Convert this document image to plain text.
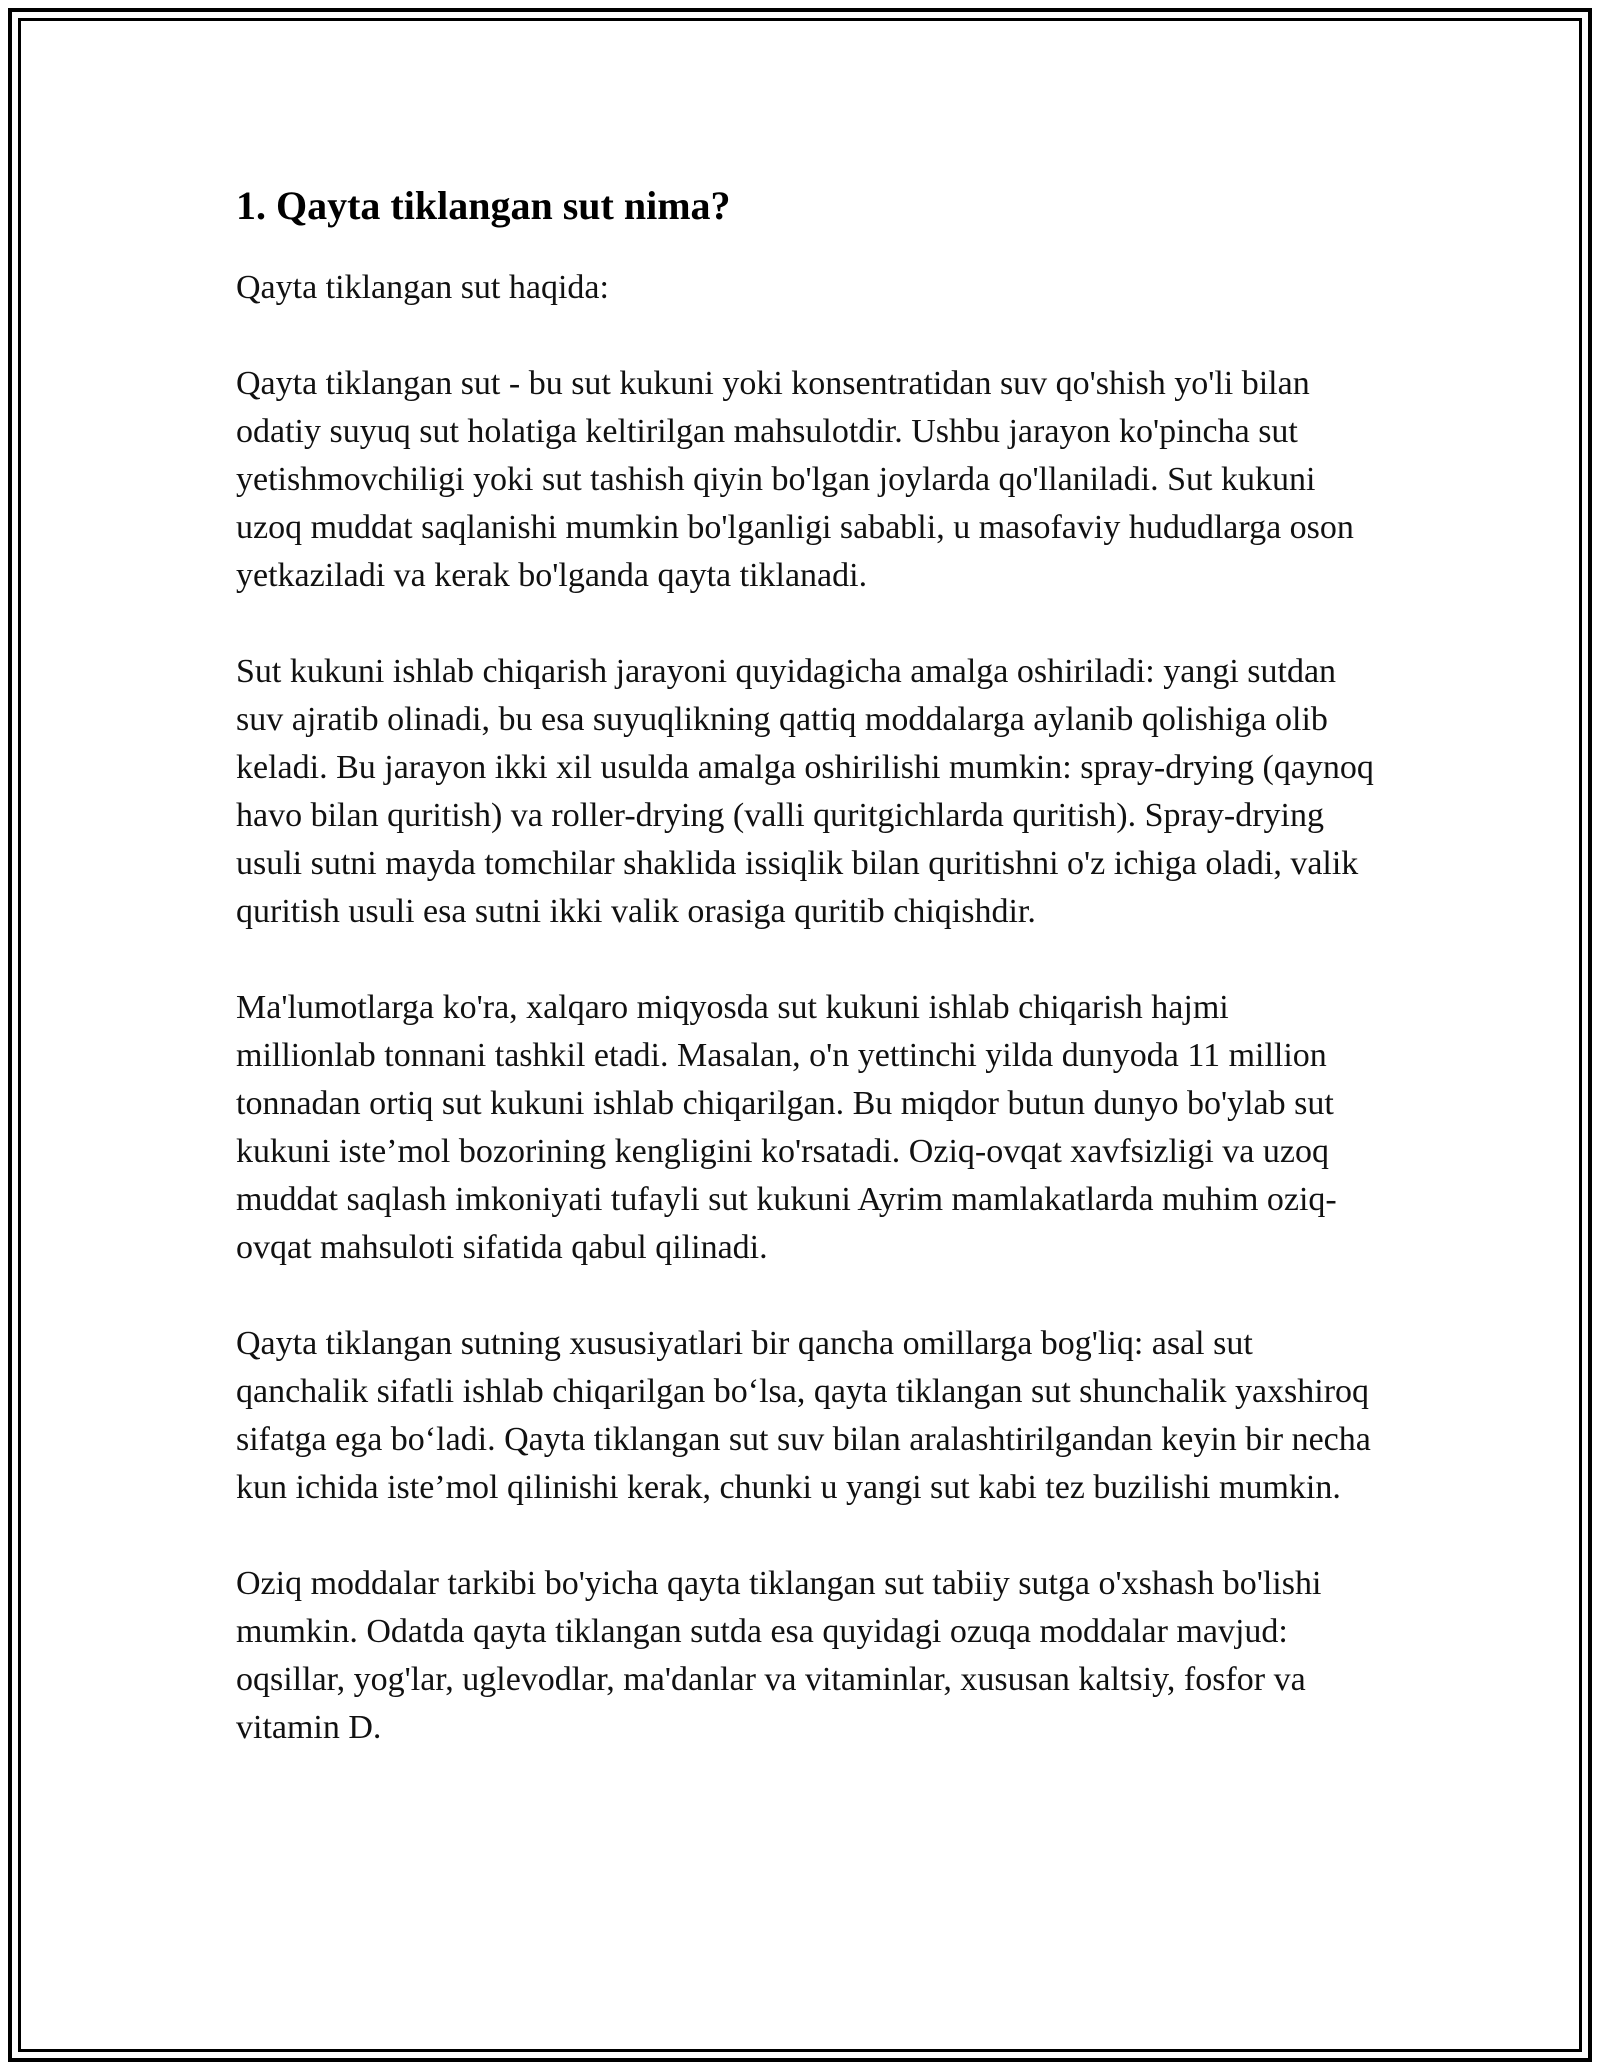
1. Qayta tiklangan sut nima?

Qayta tiklangan sut haqida:

Qayta tiklangan sut - bu sut kukuni yoki konsentratidan suv qo'shish yo'li bilan odatiy suyuq sut holatiga keltirilgan mahsulotdir. Ushbu jarayon ko'pincha sut yetishmovchiligi yoki sut tashish qiyin bo'lgan joylarda qo'llaniladi. Sut kukuni uzoq muddat saqlanishi mumkin bo'lganligi sababli, u masofaviy hududlarga oson yetkaziladi va kerak bo'lganda qayta tiklanadi.

Sut kukuni ishlab chiqarish jarayoni quyidagicha amalga oshiriladi: yangi sutdan suv ajratib olinadi, bu esa suyuqlikning qattiq moddalarga aylanib qolishiga olib keladi. Bu jarayon ikki xil usulda amalga oshirilishi mumkin: spray-drying (qaynoq havo bilan quritish) va roller-drying (valli quritgichlarda quritish). Spray-drying usuli sutni mayda tomchilar shaklida issiqlik bilan quritishni o'z ichiga oladi, valik quritish usuli esa sutni ikki valik orasiga quritib chiqishdir.

Ma'lumotlarga ko'ra, xalqaro miqyosda sut kukuni ishlab chiqarish hajmi millionlab tonnani tashkil etadi. Masalan, o'n yettinchi yilda dunyoda 11 million tonnadan ortiq sut kukuni ishlab chiqarilgan. Bu miqdor butun dunyo bo'ylab sut kukuni iste’mol bozorining kengligini ko'rsatadi. Oziq-ovqat xavfsizligi va uzoq muddat saqlash imkoniyati tufayli sut kukuni Ayrim mamlakatlarda muhim oziq-ovqat mahsuloti sifatida qabul qilinadi.

Qayta tiklangan sutning xususiyatlari bir qancha omillarga bog'liq: asal sut qanchalik sifatli ishlab chiqarilgan bo‘lsa, qayta tiklangan sut shunchalik yaxshiroq sifatga ega bo‘ladi. Qayta tiklangan sut suv bilan aralashtirilgandan keyin bir necha kun ichida iste’mol qilinishi kerak, chunki u yangi sut kabi tez buzilishi mumkin.

Oziq moddalar tarkibi bo'yicha qayta tiklangan sut tabiiy sutga o'xshash bo'lishi mumkin. Odatda qayta tiklangan sutda esa quyidagi ozuqa moddalar mavjud: oqsillar, yog'lar, uglevodlar, ma'danlar va vitaminlar, xususan kaltsiy, fosfor va vitamin D.
